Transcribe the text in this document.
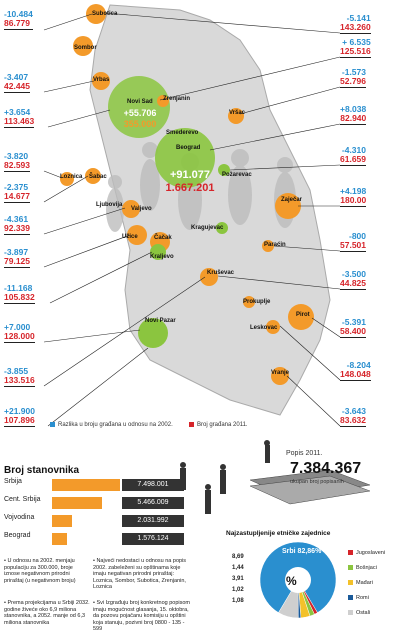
Subotica
Sombor
Vrbas
Novi Sad Zrenjanin
Vršac
Smederevo
Beograd
Požarevac
Šabac
Loznica
Valjevo
Užice	Čačak
Kraljevo
Kragujevac
Zaječar
Paraćin
Kruševac
Prokuplje
Novi Pazar
Leskovac
Pirot
Vranje
Ljubovija
+55.706
355.000
+91.077
1.667.201
-10.484
86.779
-3.407
42.445
+3.654
113.463
-3.820
82.593
-2.375
14.677
-4.361
92.339
-3.897
79.125
-11.168
105.832
+7.000
128.000
-3.855
133.516
+21.900
107.896
-5.141
143.260
+ 6.535
125.516
-1.573
52.796
+8.038
82.940
-4.310
61.659
+4.198
180.00
-800
57.501
-3.500
44.825
-5.391
58.400
-8.204
148.048
-3.643
83.632
Razlika u broju građana u odnosu na 2002.	Broj građana 2011.
Popis 2011.
7.384.367
ukupan broj popisanih
Broj stanovnika
Srbija	7.498.001
Cent. Srbija	5.466.009
Vojvodina	2.031.992
Beograd	1.576.124
• U odnosu na 2002. menjaju populaciju za 300.000, broje iznose negativnom prirodni priraštaj (u negativnom broju)
• Najveći nedostaci u odnosu na popis 2002. zabeleženi su opštinama koje imaju negativan prirodni priraštaj: Loznica, Sombor, Subotica, Zrenjanin, Loznica
• Prema projekcijama u Srbiji 2032. godine živeće oko 6,9 miliona stanovnika, a 2052. manje od 6,3 miliona stanovnika
• Svi Izgrađuju broj konkretnog popisom imaju mogućnost glasanja, 15. oktobra, da pozovu pojačanu komisiju u opštini koja stanuju, pozivni broj 0800 - 135 - 599
Najzastupljenije etničke zajednice
%
Srbi 82,86%
8,69
1,44
3,91
1,02
1,08
Jugoslaveni
Bošnjaci
Mađari
Romi
Ostali
